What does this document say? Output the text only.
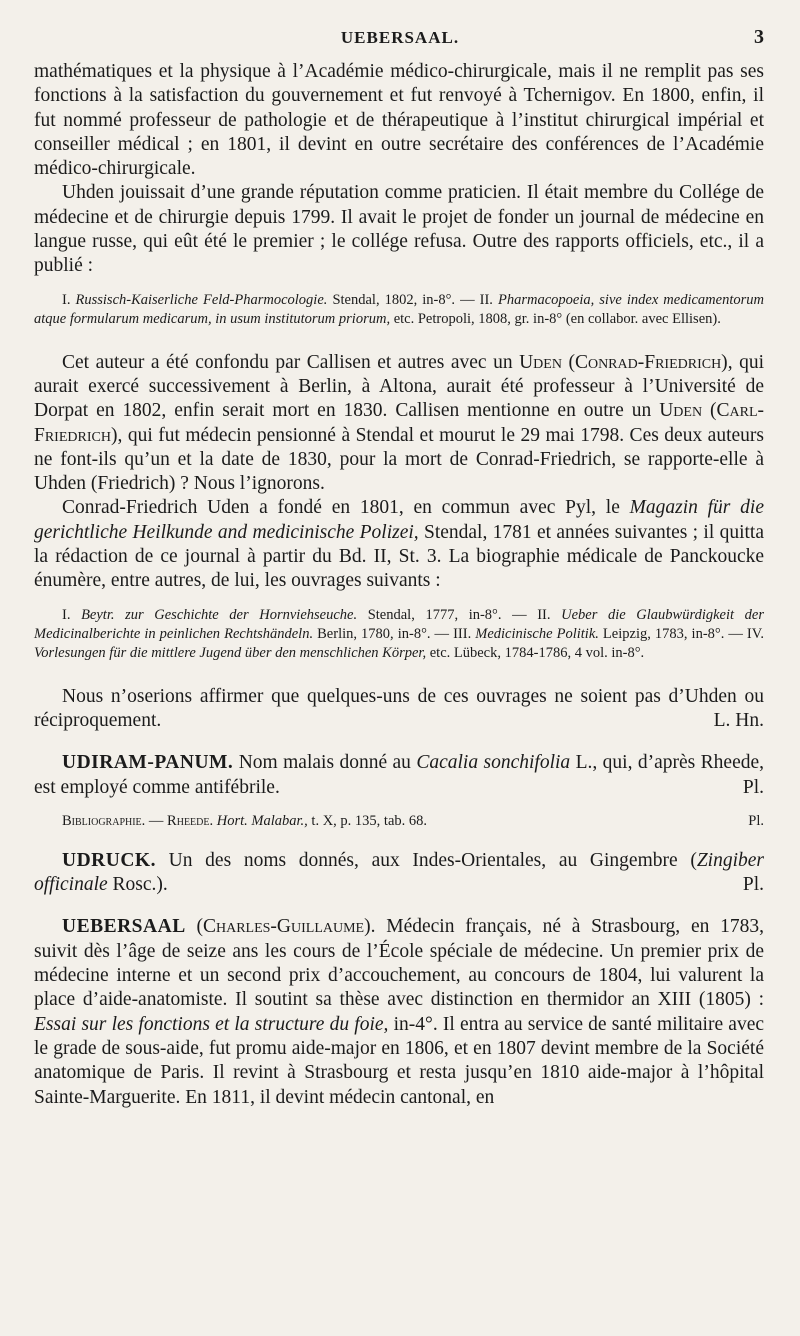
UEBERSAAL.	3

mathématiques et la physique à l’Académie médico-chirurgicale, mais il ne remplit pas ses fonctions à la satisfaction du gouvernement et fut renvoyé à Tchernigov. En 1800, enfin, il fut nommé professeur de pathologie et de thérapeutique à l’institut chirurgical impérial et conseiller médical ; en 1801, il devint en outre secrétaire des conférences de l’Académie médico-chirurgicale.

Uhden jouissait d’une grande réputation comme praticien. Il était membre du Collége de médecine et de chirurgie depuis 1799. Il avait le projet de fonder un journal de médecine en langue russe, qui eût été le premier ; le collége refusa. Outre des rapports officiels, etc., il a publié :

I. Russisch-Kaiserliche Feld-Pharmocologie. Stendal, 1802, in-8°. — II. Pharmacopoeia, sive index medicamentorum atque formularum medicarum, in usum institutorum priorum, etc. Petropoli, 1808, gr. in-8° (en collabor. avec Ellisen).

Cet auteur a été confondu par Callisen et autres avec un Uden (Conrad-Friedrich), qui aurait exercé successivement à Berlin, à Altona, aurait été professeur à l’Université de Dorpat en 1802, enfin serait mort en 1830. Callisen mentionne en outre un Uden (Carl-Friedrich), qui fut médecin pensionné à Stendal et mourut le 29 mai 1798. Ces deux auteurs ne font-ils qu’un et la date de 1830, pour la mort de Conrad-Friedrich, se rapporte-elle à Uhden (Friedrich) ? Nous l’ignorons.

Conrad-Friedrich Uden a fondé en 1801, en commun avec Pyl, le Magazin für die gerichtliche Heilkunde and medicinische Polizei, Stendal, 1781 et années suivantes ; il quitta la rédaction de ce journal à partir du Bd. II, St. 3. La biographie médicale de Panckoucke énumère, entre autres, de lui, les ouvrages suivants :

I. Beytr. zur Geschichte der Hornviehseuche. Stendal, 1777, in-8°. — II. Ueber die Glaubwürdigkeit der Medicinalberichte in peinlichen Rechtshändeln. Berlin, 1780, in-8°. — III. Medicinische Politik. Leipzig, 1783, in-8°. — IV. Vorlesungen für die mittlere Jugend über den menschlichen Körper, etc. Lübeck, 1784-1786, 4 vol. in-8°.

Nous n’oserions affirmer que quelques-uns de ces ouvrages ne soient pas d’Uhden ou réciproquement.	L. Hn.

UDIRAM-PANUM. Nom malais donné au Cacalia sonchifolia L., qui, d’après Rheede, est employé comme antifébrile.	Pl.

Bibliographie. — Rheede. Hort. Malabar., t. X, p. 135, tab. 68.	Pl.

UDRUCK. Un des noms donnés, aux Indes-Orientales, au Gingembre (Zingiber officinale Rosc.).	Pl.

UEBERSAAL (Charles-Guillaume). Médecin français, né à Strasbourg, en 1783, suivit dès l’âge de seize ans les cours de l’École spéciale de médecine. Un premier prix de médecine interne et un second prix d’accouchement, au concours de 1804, lui valurent la place d’aide-anatomiste. Il soutint sa thèse avec distinction en thermidor an XIII (1805) : Essai sur les fonctions et la structure du foie, in-4°. Il entra au service de santé militaire avec le grade de sous-aide, fut promu aide-major en 1806, et en 1807 devint membre de la Société anatomique de Paris. Il revint à Strasbourg et resta jusqu’en 1810 aide-major à l’hôpital Sainte-Marguerite. En 1811, il devint médecin cantonal, en
